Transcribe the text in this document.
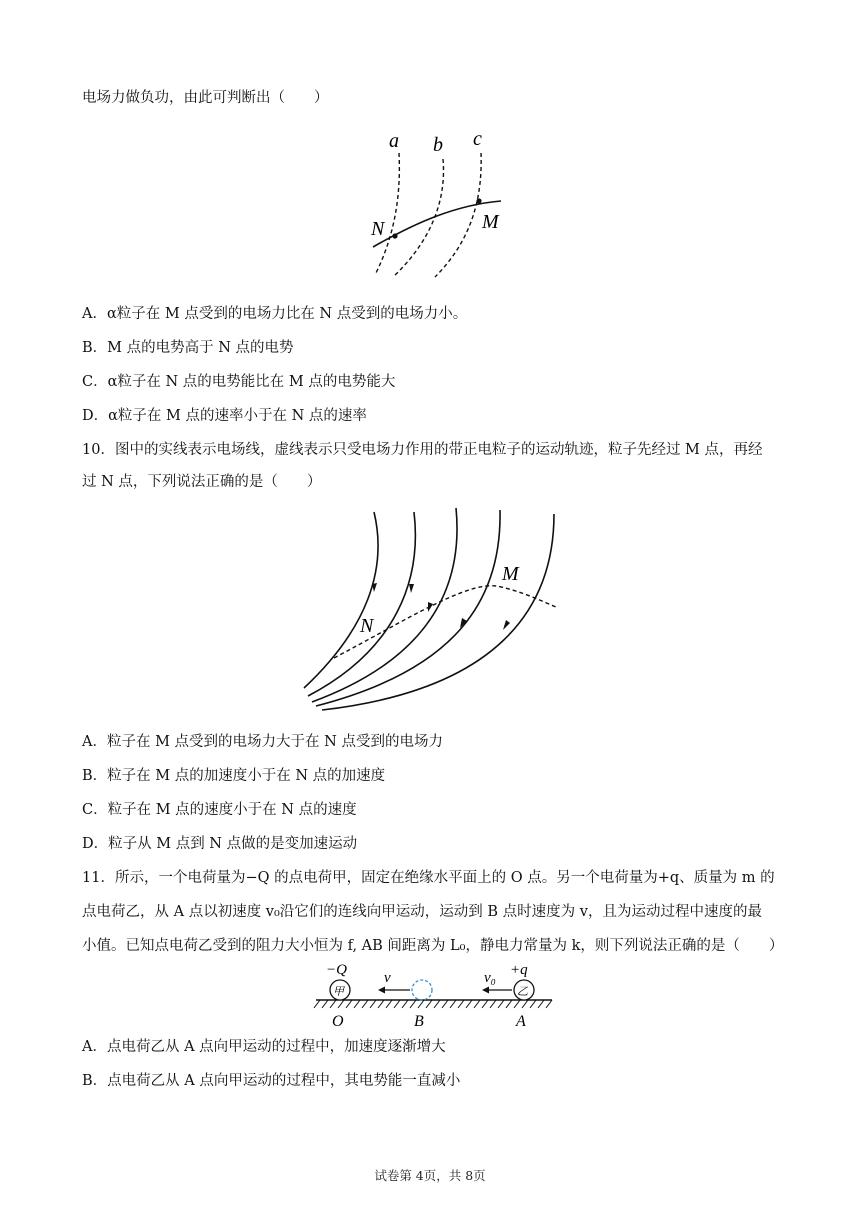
电场力做负功，由此可判断出（　　）
a b c
N	M
A．α粒子在 M 点受到的电场力比在 N 点受到的电场力小。
B．M 点的电势高于 N 点的电势
C．α粒子在 N 点的电势能比在 M 点的电势能大
D．α粒子在 M 点的速率小于在 N 点的速率
10．图中的实线表示电场线，虚线表示只受电场力作用的带正电粒子的运动轨迹，粒子先经过 M 点，再经
过 N 点，下列说法正确的是（　　）
M
N
A．粒子在 M 点受到的电场力大于在 N 点受到的电场力
B．粒子在 M 点的加速度小于在 N 点的加速度
C．粒子在 M 点的速度小于在 N 点的速度
D．粒子从 M 点到 N 点做的是变加速运动
11．所示，一个电荷量为−Q 的点电荷甲，固定在绝缘水平面上的 O 点。另一个电荷量为+q、质量为 m 的
点电荷乙，从 A 点以初速度 v₀沿它们的连线向甲运动，运动到 B 点时速度为 v，且为运动过程中速度的最
小值。已知点电荷乙受到的阻力大小恒为 f, AB 间距离为 L₀，静电力常量为 k，则下列说法正确的是（　　）
甲
−Q v
乙
+q
v₀
O	B	A
A．点电荷乙从 A 点向甲运动的过程中，加速度逐渐增大
B．点电荷乙从 A 点向甲运动的过程中，其电势能一直减小
试卷第 4页，共 8页
